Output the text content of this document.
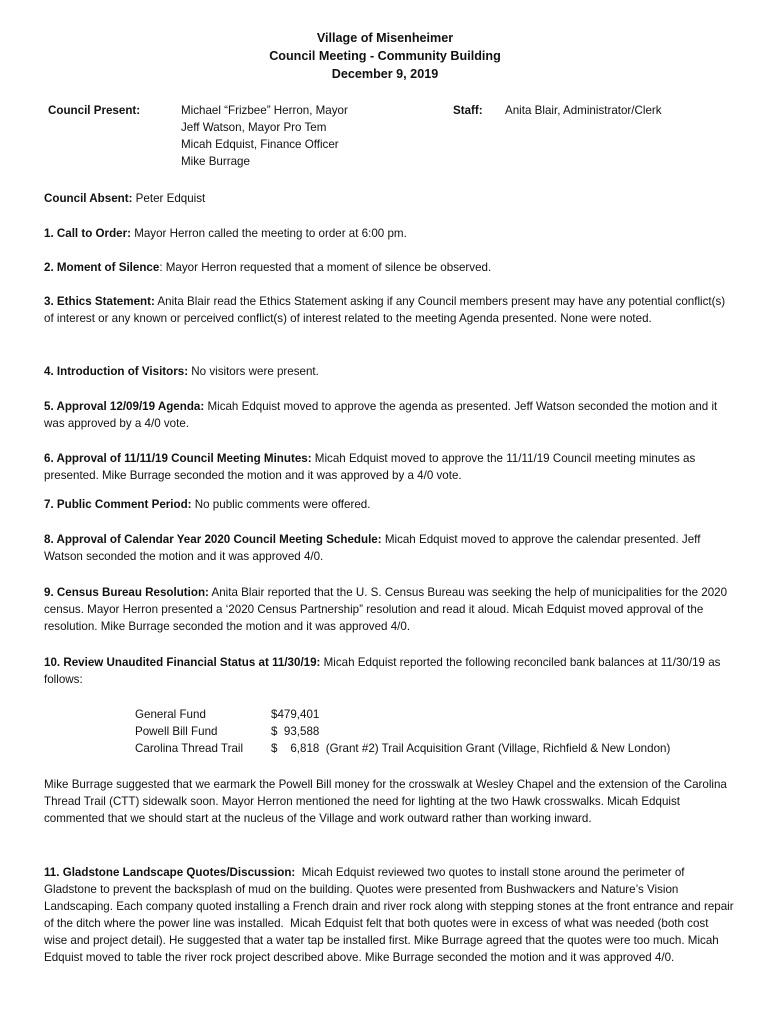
Village of Misenheimer
Council Meeting - Community Building
December 9, 2019
Council Present:	Michael “Frizbee” Herron, Mayor
Jeff Watson, Mayor Pro Tem
Micah Edquist, Finance Officer
Mike Burrage
Staff: Anita Blair, Administrator/Clerk

Council Absent: Peter Edquist

1. Call to Order: Mayor Herron called the meeting to order at 6:00 pm.

2. Moment of Silence: Mayor Herron requested that a moment of silence be observed.

3. Ethics Statement: Anita Blair read the Ethics Statement asking if any Council members present may have any potential conflict(s) of interest or any known or perceived conflict(s) of interest related to the meeting Agenda presented. None were noted.

4. Introduction of Visitors: No visitors were present.

5. Approval 12/09/19 Agenda: Micah Edquist moved to approve the agenda as presented. Jeff Watson seconded the motion and it was approved by a 4/0 vote.

6. Approval of 11/11/19 Council Meeting Minutes: Micah Edquist moved to approve the 11/11/19 Council meeting minutes as presented. Mike Burrage seconded the motion and it was approved by a 4/0 vote.

7. Public Comment Period: No public comments were offered.

8. Approval of Calendar Year 2020 Council Meeting Schedule: Micah Edquist moved to approve the calendar presented. Jeff Watson seconded the motion and it was approved 4/0.

9. Census Bureau Resolution: Anita Blair reported that the U. S. Census Bureau was seeking the help of municipalities for the 2020 census. Mayor Herron presented a ‘2020 Census Partnership” resolution and read it aloud. Micah Edquist moved approval of the resolution. Mike Burrage seconded the motion and it was approved 4/0.

10. Review Unaudited Financial Status at 11/30/19: Micah Edquist reported the following reconciled bank balances at 11/30/19 as follows:

General Fund	$479,401
Powell Bill Fund	$  93,588
Carolina Thread Trail $    6,818  (Grant #2) Trail Acquisition Grant (Village, Richfield & New London)

Mike Burrage suggested that we earmark the Powell Bill money for the crosswalk at Wesley Chapel and the extension of the Carolina Thread Trail (CTT) sidewalk soon. Mayor Herron mentioned the need for lighting at the two Hawk crosswalks. Micah Edquist commented that we should start at the nucleus of the Village and work outward rather than working inward.

11. Gladstone Landscape Quotes/Discussion:  Micah Edquist reviewed two quotes to install stone around the perimeter of Gladstone to prevent the backsplash of mud on the building. Quotes were presented from Bushwackers and Nature’s Vision Landscaping. Each company quoted installing a French drain and river rock along with stepping stones at the front entrance and repair of the ditch where the power line was installed.  Micah Edquist felt that both quotes were in excess of what was needed (both cost wise and project detail). He suggested that a water tap be installed first. Mike Burrage agreed that the quotes were too much. Micah Edquist moved to table the river rock project described above. Mike Burrage seconded the motion and it was approved 4/0.
